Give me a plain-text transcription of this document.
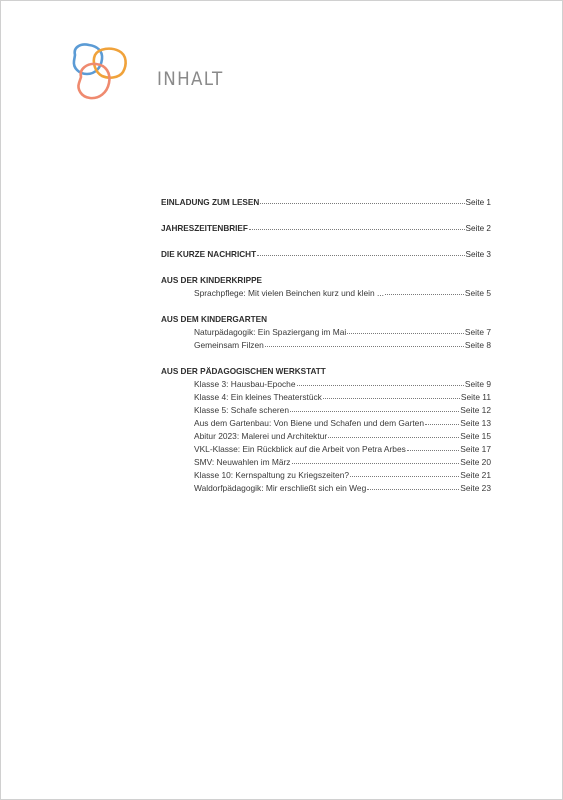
INHALT
EINLADUNG ZUM LESEN	Seite 1
JAHRESZEITENBRIEF	Seite 2
DIE KURZE NACHRICHT	Seite 3
AUS DER KINDERKRIPPE
Sprachpflege: Mit vielen Beinchen kurz und klein ...	Seite 5
AUS DEM KINDERGARTEN
Naturpädagogik: Ein Spaziergang im Mai	Seite 7
Gemeinsam Filzen	Seite 8
AUS DER PÄDAGOGISCHEN WERKSTATT
Klasse 3: Hausbau-Epoche	Seite 9
Klasse 4: Ein kleines Theaterstück	Seite 11
Klasse 5: Schafe scheren	Seite 12
Aus dem Gartenbau: Von Biene und Schafen und dem Garten	Seite 13
Abitur 2023: Malerei und Architektur	Seite 15
VKL-Klasse: Ein Rückblick auf die Arbeit von Petra Arbes	Seite 17
SMV: Neuwahlen im März	Seite 20
Klasse 10: Kernspaltung zu Kriegszeiten?	Seite 21
Waldorfpädagogik: Mir erschließt sich ein Weg	Seite 23
